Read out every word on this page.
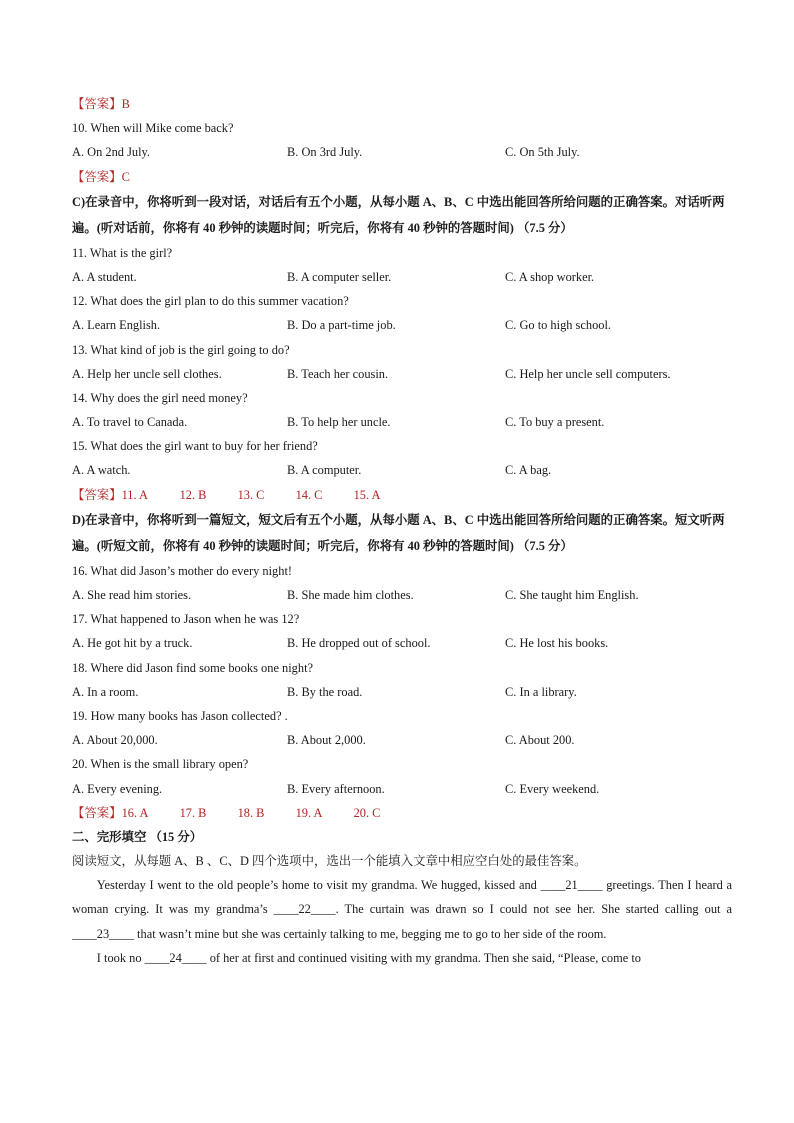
【答案】B
10. When will Mike come back?
A. On 2nd July.	B. On 3rd July.	C. On 5th July.
【答案】C
C)在录音中，你将听到一段对话，对话后有五个小题，从每小题 A、B、C 中选出能回答所给问题的正确答案。对话听两遍。(听对话前，你将有 40 秒钟的读题时间；听完后，你将有 40 秒钟的答题时间) （7.5 分）
11. What is the girl?
A. A student.	B. A computer seller.	C. A shop worker.
12. What does the girl plan to do this summer vacation?
A. Learn English.	B. Do a part-time job.	C. Go to high school.
13. What kind of job is the girl going to do?
A. Help her uncle sell clothes.	B. Teach her cousin.	C. Help her uncle sell computers.
14. Why does the girl need money?
A. To travel to Canada.	B. To help her uncle.	C. To buy a present.
15. What does the girl want to buy for her friend?
A. A watch.	B. A computer.	C. A bag.
【答案】11. A	12. B	13. C	14. C	15. A
D)在录音中，你将听到一篇短文，短文后有五个小题，从每小题 A、B、C 中选出能回答所给问题的正确答案。短文听两遍。(听短文前，你将有 40 秒钟的读题时间；听完后，你将有 40 秒钟的答题时间) （7.5 分）
16. What did Jason’s mother do every night!
A. She read him stories.	B. She made him clothes.	C. She taught him English.
17. What happened to Jason when he was 12?
A. He got hit by a truck.	B. He dropped out of school.	C. He lost his books.
18. Where did Jason find some books one night?
A. In a room.	B. By the road.	C. In a library.
19. How many books has Jason collected? .
A. About 20,000.	B. About 2,000.	C. About 200.
20. When is the small library open?
A. Every evening.	B. Every afternoon.	C. Every weekend.
【答案】16. A	17. B	18. B	19. A	20. C
二、完形填空 （15 分）
阅读短文，从每题 A、B 、C、D 四个选项中，选出一个能填入文章中相应空白处的最佳答案。
Yesterday I went to the old people’s home to visit my grandma. We hugged, kissed and ____21____ greetings. Then I heard a woman crying. It was my grandma’s ____22____. The curtain was drawn so I could not see her. She started calling out a ____23____ that wasn’t mine but she was certainly talking to me, begging me to go to her side of the room.
I took no ____24____ of her at first and continued visiting with my grandma. Then she said, “Please, come to
